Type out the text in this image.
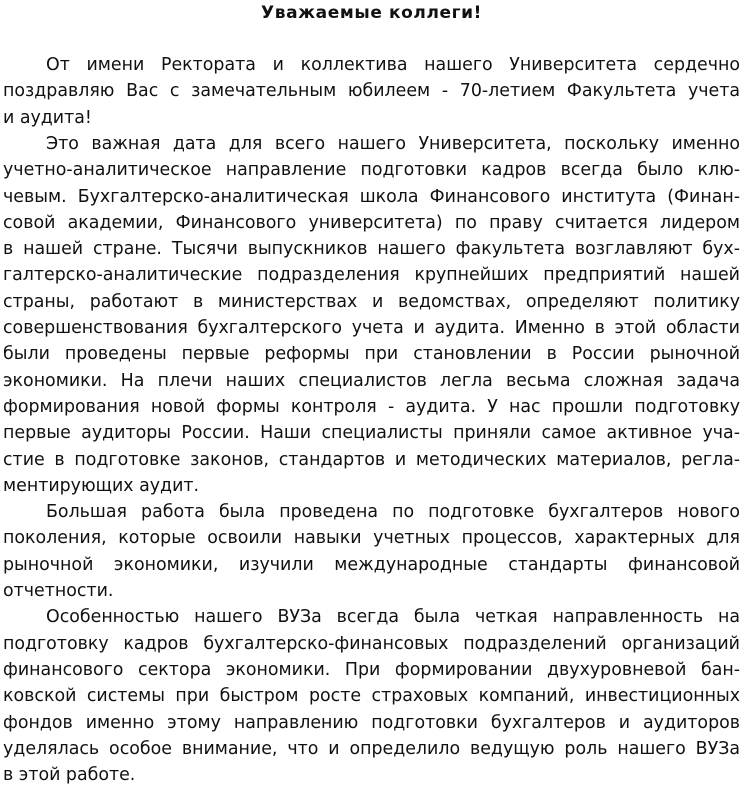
Уважаемые коллеги!
От имени Ректората и коллектива нашего Университета сердечно
поздравляю Вас с замечательным юбилеем - 70-летием Факультета учета
и аудита!
Это важная дата для всего нашего Университета, поскольку именно
учетно-аналитическое направление подготовки кадров всегда было клю-
чевым. Бухгалтерско-аналитическая школа Финансового института (Финан-
совой академии, Финансового университета) по праву считается лидером
в нашей стране. Тысячи выпускников нашего факультета возглавляют бух-
галтерско-аналитические подразделения крупнейших предприятий нашей
страны, работают в министерствах и ведомствах, определяют политику
совершенствования бухгалтерского учета и аудита. Именно в этой области
были проведены первые реформы при становлении в России рыночной
экономики. На плечи наших специалистов легла весьма сложная задача
формирования новой формы контроля - аудита. У нас прошли подготовку
первые аудиторы России. Наши специалисты приняли самое активное уча-
стие в подготовке законов, стандартов и методических материалов, регла-
ментирующих аудит.
Большая работа была проведена по подготовке бухгалтеров нового
поколения, которые освоили навыки учетных процессов, характерных для
рыночной экономики, изучили международные стандарты финансовой
отчетности.
Особенностью нашего ВУЗа всегда была четкая направленность на
подготовку кадров бухгалтерско-финансовых подразделений организаций
финансового сектора экономики. При формировании двухуровневой бан-
ковской системы при быстром росте страховых компаний, инвестиционных
фондов именно этому направлению подготовки бухгалтеров и аудиторов
уделялась особое внимание, что и определило ведущую роль нашего ВУЗа
в этой работе.
